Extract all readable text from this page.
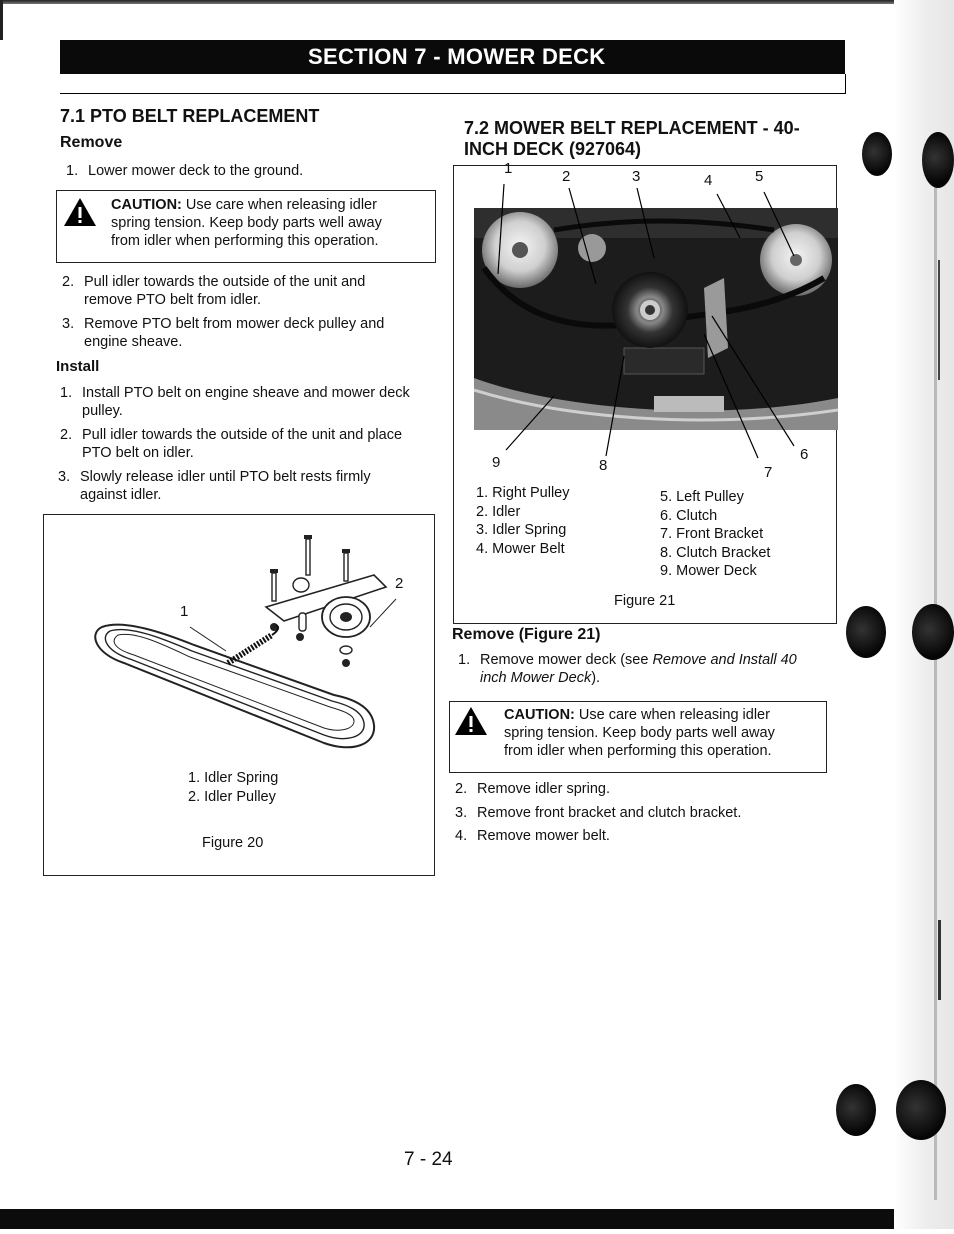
SECTION 7 - MOWER DECK
7.1 PTO BELT REPLACEMENT
Remove
1. Lower mower deck to the ground.
CAUTION: Use care when releasing idler
spring tension. Keep body parts well away
from idler when performing this operation.
2. Pull idler towards the outside of the unit and
remove PTO belt from idler.
3. Remove PTO belt from mower deck pulley and
engine sheave.
Install
1. Install PTO belt on engine sheave and mower deck
pulley.
2. Pull idler towards the outside of the unit and place
PTO belt on idler.
3. Slowly release idler until PTO belt rests firmly
against idler.
1
2
1. Idler Spring
2. Idler Pulley
Figure 20
7.2 MOWER BELT REPLACEMENT - 40-
INCH DECK (927064)
1	2	3	4	5
6
7
8
9
1. Right Pulley
2. Idler
3. Idler Spring
4. Mower Belt
5. Left Pulley
6. Clutch
7. Front Bracket
8. Clutch Bracket
9. Mower Deck
Figure 21
Remove (Figure 21)
1. Remove mower deck (see Remove and Install 40
inch Mower Deck).
CAUTION: Use care when releasing idler
spring tension. Keep body parts well away
from idler when performing this operation.
2. Remove idler spring.
3. Remove front bracket and clutch bracket.
4. Remove mower belt.
7 - 24
